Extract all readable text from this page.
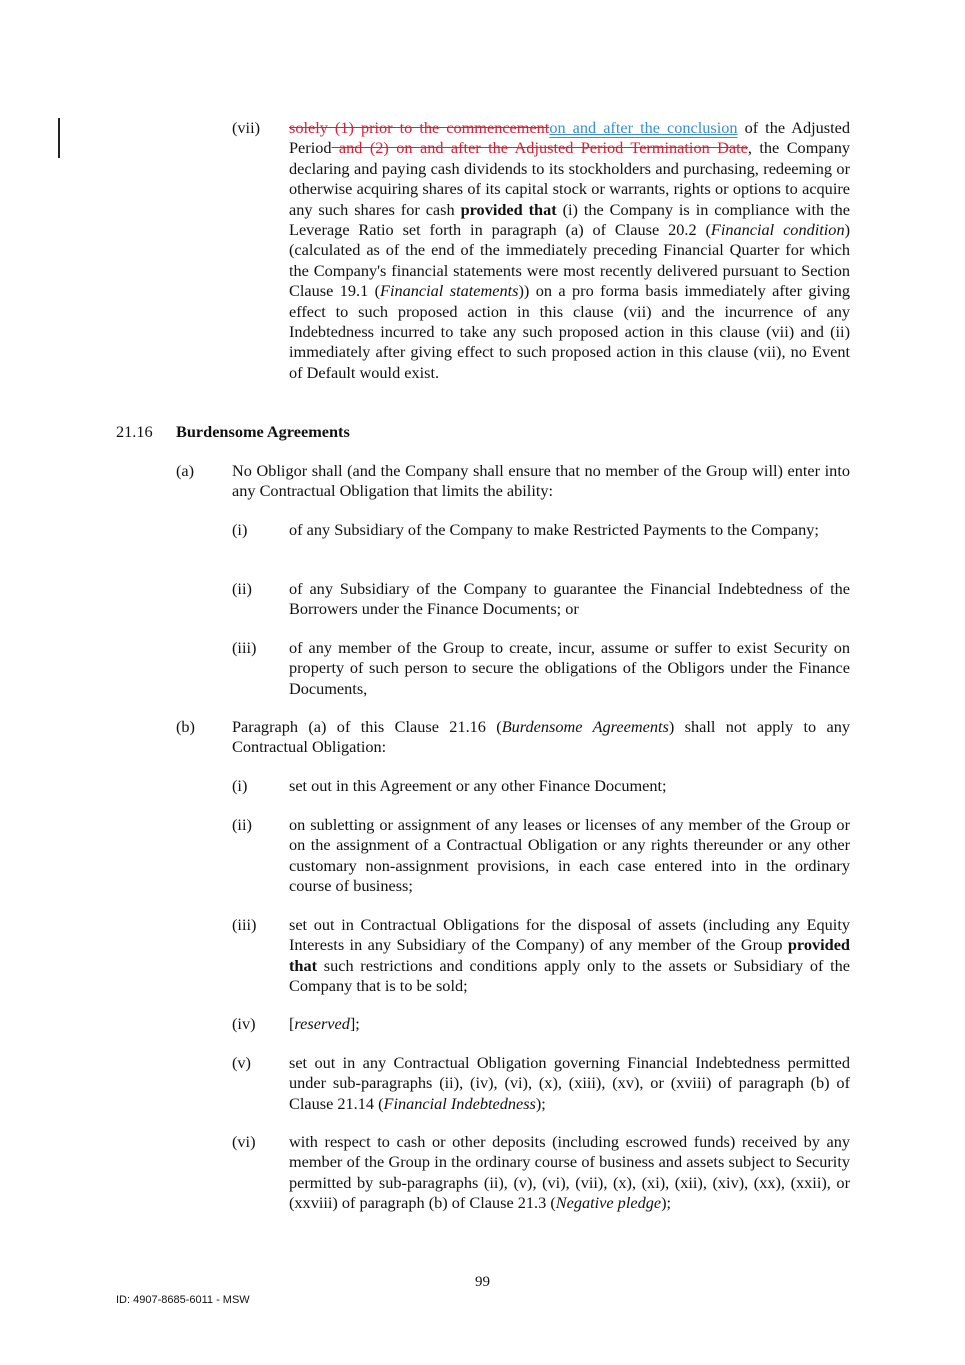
(vii) solely (1) prior to the commencementon and after the conclusion of the Adjusted Period and (2) on and after the Adjusted Period Termination Date, the Company declaring and paying cash dividends to its stockholders and purchasing, redeeming or otherwise acquiring shares of its capital stock or warrants, rights or options to acquire any such shares for cash provided that (i) the Company is in compliance with the Leverage Ratio set forth in paragraph (a) of Clause 20.2 (Financial condition) (calculated as of the end of the immediately preceding Financial Quarter for which the Company's financial statements were most recently delivered pursuant to Section Clause 19.1 (Financial statements)) on a pro forma basis immediately after giving effect to such proposed action in this clause (vii) and the incurrence of any Indebtedness incurred to take any such proposed action in this clause (vii) and (ii) immediately after giving effect to such proposed action in this clause (vii), no Event of Default would exist.
21.16 Burdensome Agreements
(a) No Obligor shall (and the Company shall ensure that no member of the Group will) enter into any Contractual Obligation that limits the ability:
(i)	of any Subsidiary of the Company to make Restricted Payments to the Company;
(ii) of any Subsidiary of the Company to guarantee the Financial Indebtedness of the Borrowers under the Finance Documents; or
(iii) of any member of the Group to create, incur, assume or suffer to exist Security on property of such person to secure the obligations of the Obligors under the Finance Documents,
(b) Paragraph (a) of this Clause 21.16 (Burdensome Agreements) shall not apply to any Contractual Obligation:
(i)	set out in this Agreement or any other Finance Document;
(ii) on subletting or assignment of any leases or licenses of any member of the Group or on the assignment of a Contractual Obligation or any rights thereunder or any other customary non-assignment provisions, in each case entered into in the ordinary course of business;
(iii) set out in Contractual Obligations for the disposal of assets (including any Equity Interests in any Subsidiary of the Company) of any member of the Group provided that such restrictions and conditions apply only to the assets or Subsidiary of the Company that is to be sold;
(iv) [reserved];
(v) set out in any Contractual Obligation governing Financial Indebtedness permitted under sub-paragraphs (ii), (iv), (vi), (x), (xiii), (xv), or (xviii) of paragraph (b) of Clause 21.14 (Financial Indebtedness);
(vi) with respect to cash or other deposits (including escrowed funds) received by any member of the Group in the ordinary course of business and assets subject to Security permitted by sub-paragraphs (ii), (v), (vi), (vii), (x), (xi), (xii), (xiv), (xx), (xxii), or (xxviii) of paragraph (b) of Clause 21.3 (Negative pledge);
99
ID: 4907-8685-6011 - MSW
